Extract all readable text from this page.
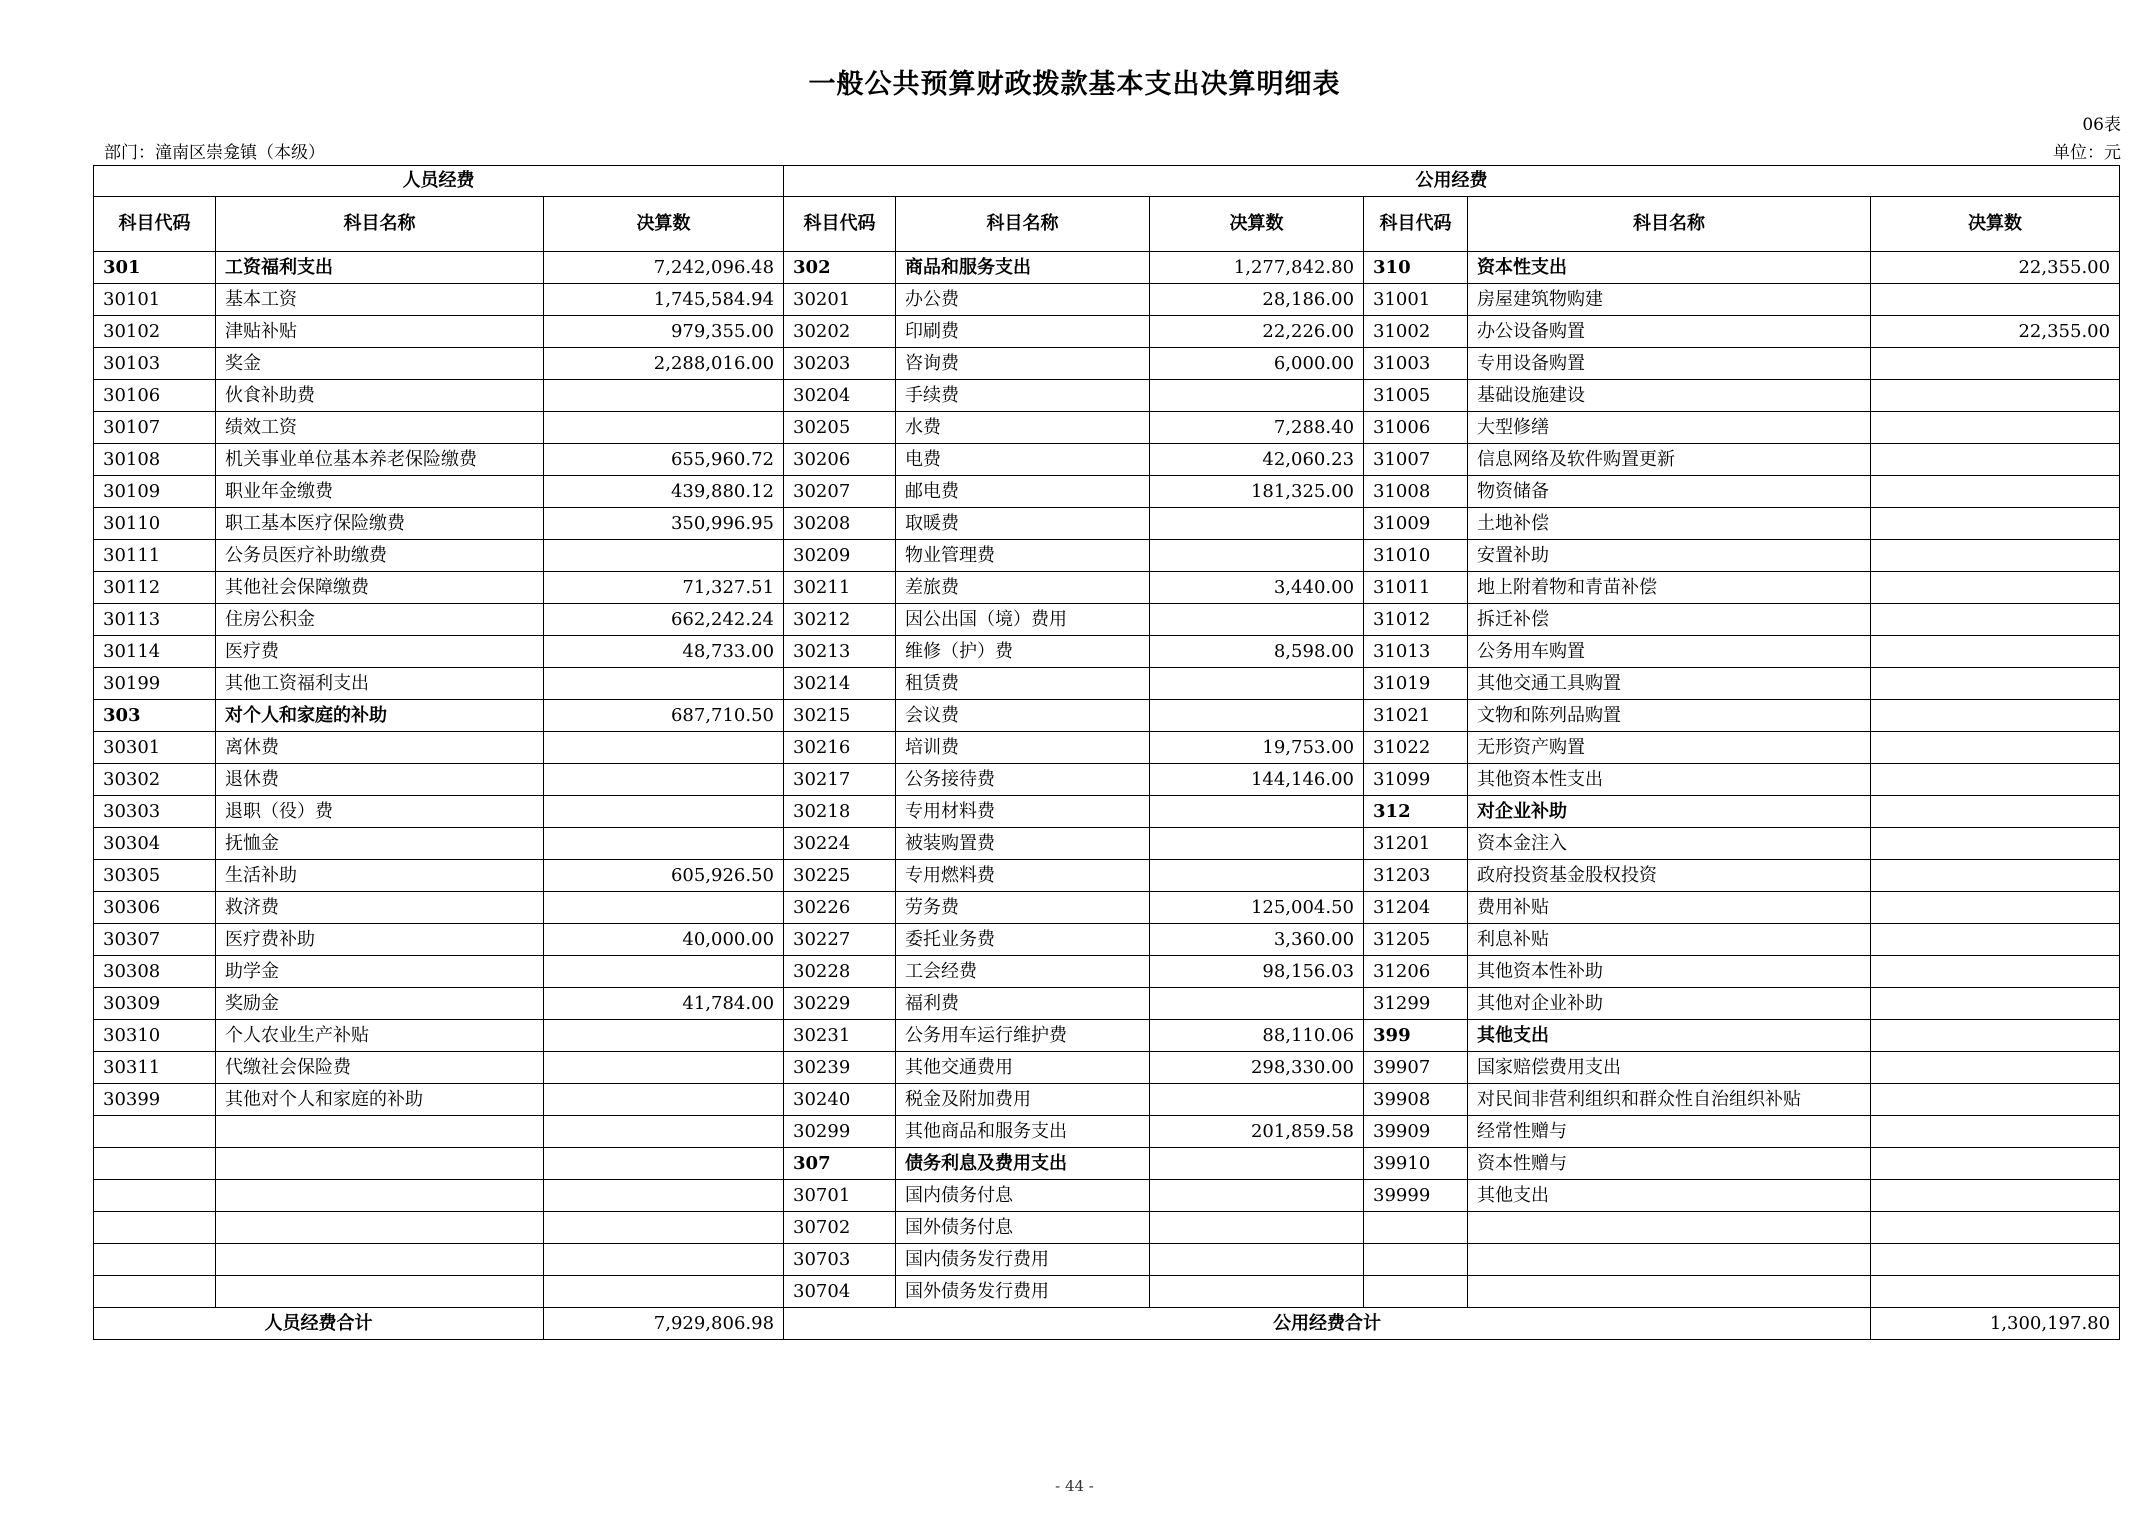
一般公共预算财政拨款基本支出决算明细表
06表
部门：潼南区崇龛镇（本级）	单位：元
人员经费			公用经费					
科目代码	科目名称	决算数	科目代码	科目名称	决算数	科目代码	科目名称	决算数
301	工资福利支出	7,242,096.48	302	商品和服务支出	1,277,842.80	310	资本性支出	22,355.00
30101	基本工资	1,745,584.94	30201	办公费	28,186.00	31001	房屋建筑物购建	
30102	津贴补贴	979,355.00	30202	印刷费	22,226.00	31002	办公设备购置	22,355.00
30103	奖金	2,288,016.00	30203	咨询费	6,000.00	31003	专用设备购置	
30106	伙食补助费		30204	手续费		31005	基础设施建设	
30107	绩效工资		30205	水费	7,288.40	31006	大型修缮	
30108	机关事业单位基本养老保险缴费	655,960.72	30206	电费	42,060.23	31007	信息网络及软件购置更新	
30109	职业年金缴费	439,880.12	30207	邮电费	181,325.00	31008	物资储备	
30110	职工基本医疗保险缴费	350,996.95	30208	取暖费		31009	土地补偿	
30111	公务员医疗补助缴费		30209	物业管理费		31010	安置补助	
30112	其他社会保障缴费	71,327.51	30211	差旅费	3,440.00	31011	地上附着物和青苗补偿	
30113	住房公积金	662,242.24	30212	因公出国（境）费用		31012	拆迁补偿	
30114	医疗费	48,733.00	30213	维修（护）费	8,598.00	31013	公务用车购置	
30199	其他工资福利支出		30214	租赁费		31019	其他交通工具购置	
303	对个人和家庭的补助	687,710.50	30215	会议费		31021	文物和陈列品购置	
30301	离休费		30216	培训费	19,753.00	31022	无形资产购置	
30302	退休费		30217	公务接待费	144,146.00	31099	其他资本性支出	
30303	退职（役）费		30218	专用材料费		312	对企业补助	
30304	抚恤金		30224	被装购置费		31201	资本金注入	
30305	生活补助	605,926.50	30225	专用燃料费		31203	政府投资基金股权投资	
30306	救济费		30226	劳务费	125,004.50	31204	费用补贴	
30307	医疗费补助	40,000.00	30227	委托业务费	3,360.00	31205	利息补贴	
30308	助学金		30228	工会经费	98,156.03	31206	其他资本性补助	
30309	奖励金	41,784.00	30229	福利费		31299	其他对企业补助	
30310	个人农业生产补贴		30231	公务用车运行维护费	88,110.06	399	其他支出	
30311	代缴社会保险费		30239	其他交通费用	298,330.00	39907	国家赔偿费用支出	
30399	其他对个人和家庭的补助		30240	税金及附加费用		39908	对民间非营利组织和群众性自治组织补贴	
			30299	其他商品和服务支出	201,859.58	39909	经常性赠与	
			307	债务利息及费用支出		39910	资本性赠与	
			30701	国内债务付息		39999	其他支出	
			30702	国外债务付息				
			30703	国内债务发行费用				
			30704	国外债务发行费用				
人员经费合计		7,929,806.98	公用经费合计					1,300,197.80
- 44 -
